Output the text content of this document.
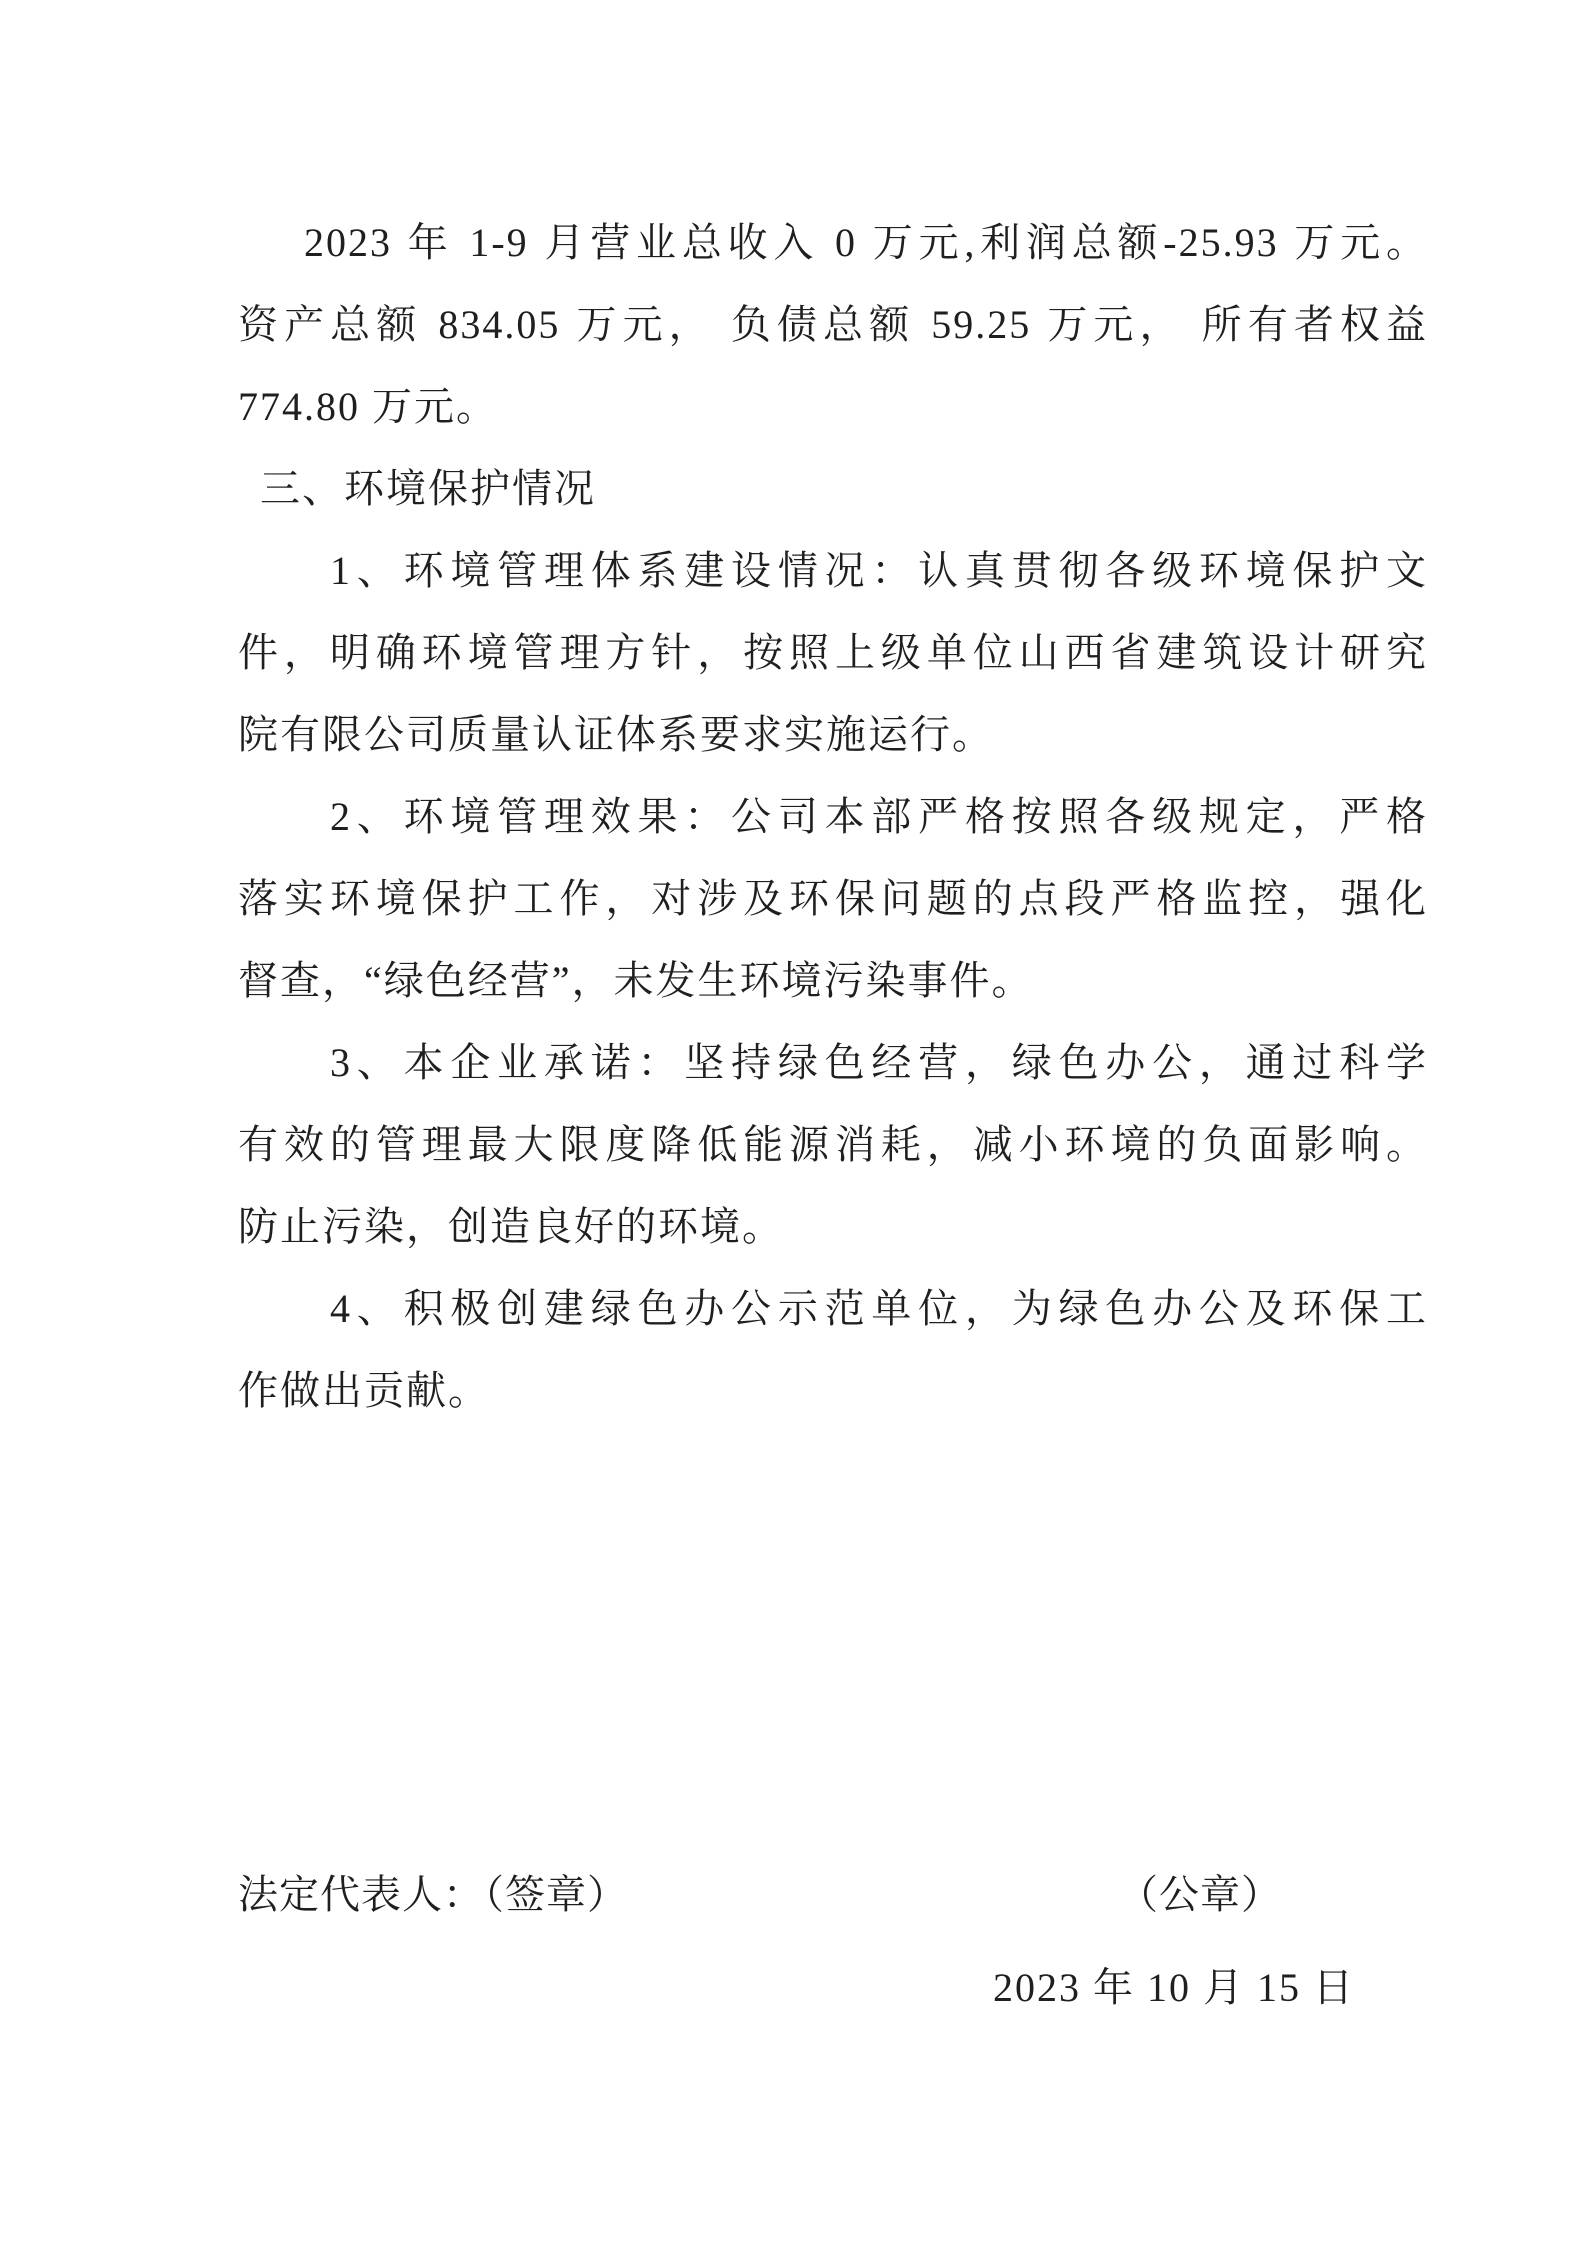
2023 年 1-9 月营业总收入 0 万元,利润总额-25.93 万元。
资产总额 834.05 万元， 负债总额 59.25 万元， 所有者权益
774.80 万元。
三、环境保护情况
1、环境管理体系建设情况：认真贯彻各级环境保护文
件，明确环境管理方针，按照上级单位山西省建筑设计研究
院有限公司质量认证体系要求实施运行。
2、环境管理效果：公司本部严格按照各级规定，严格
落实环境保护工作，对涉及环保问题的点段严格监控，强化
督查，“绿色经营”，未发生环境污染事件。
3、本企业承诺：坚持绿色经营，绿色办公，通过科学
有效的管理最大限度降低能源消耗，减小环境的负面影响。
防止污染，创造良好的环境。
4、积极创建绿色办公示范单位，为绿色办公及环保工
作做出贡献。
法定代表人：（签章）	（公章）
2023 年 10 月 15 日
